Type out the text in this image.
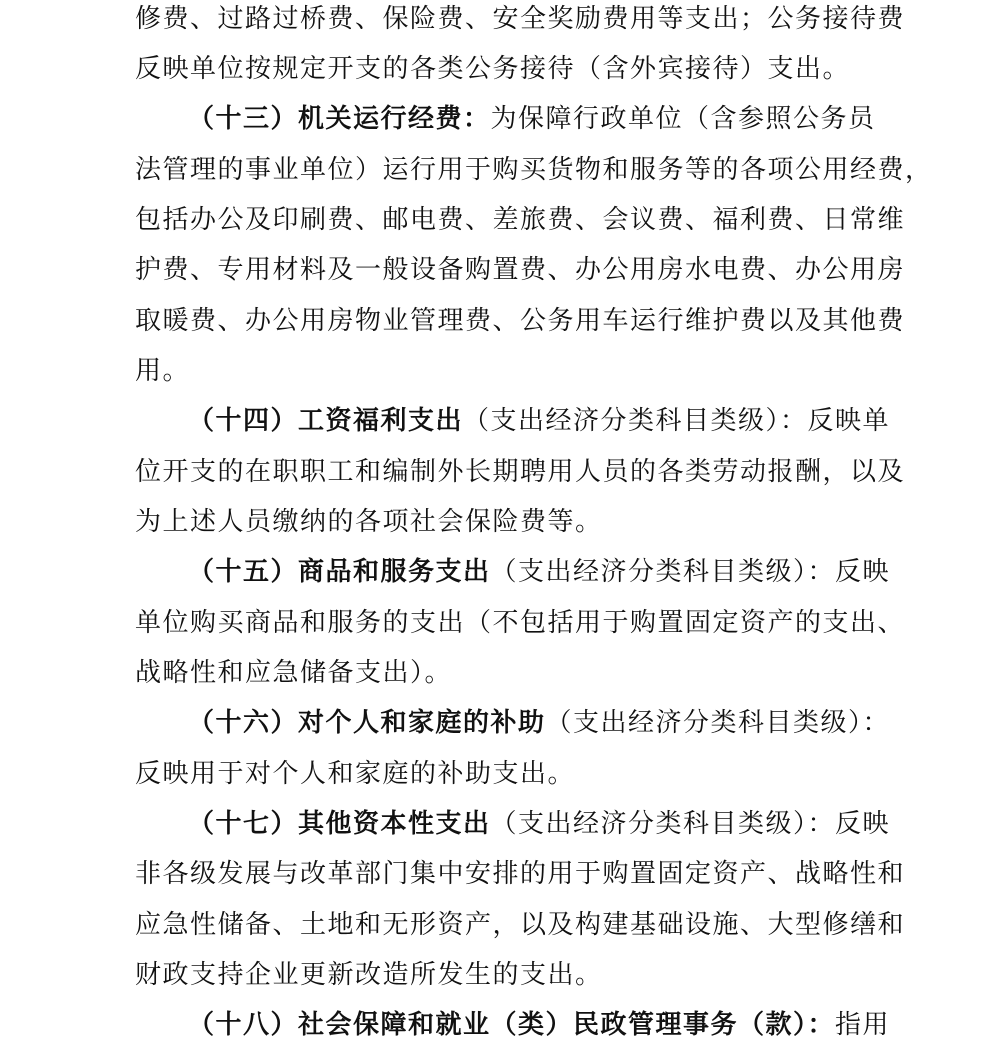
修费、过路过桥费、保险费、安全奖励费用等支出；公务接待费
反映单位按规定开支的各类公务接待（含外宾接待）支出。
（十三）机关运行经费：为保障行政单位（含参照公务员
法管理的事业单位）运行用于购买货物和服务等的各项公用经费，
包括办公及印刷费、邮电费、差旅费、会议费、福利费、日常维
护费、专用材料及一般设备购置费、办公用房水电费、办公用房
取暖费、办公用房物业管理费、公务用车运行维护费以及其他费
用。
（十四）工资福利支出（支出经济分类科目类级）：反映单
位开支的在职职工和编制外长期聘用人员的各类劳动报酬，以及
为上述人员缴纳的各项社会保险费等。
（十五）商品和服务支出（支出经济分类科目类级）：反映
单位购买商品和服务的支出（不包括用于购置固定资产的支出、
战略性和应急储备支出）。
（十六）对个人和家庭的补助（支出经济分类科目类级）：
反映用于对个人和家庭的补助支出。
（十七）其他资本性支出（支出经济分类科目类级）：反映
非各级发展与改革部门集中安排的用于购置固定资产、战略性和
应急性储备、土地和无形资产，以及构建基础设施、大型修缮和
财政支持企业更新改造所发生的支出。
（十八）社会保障和就业（类）民政管理事务（款）：指用
